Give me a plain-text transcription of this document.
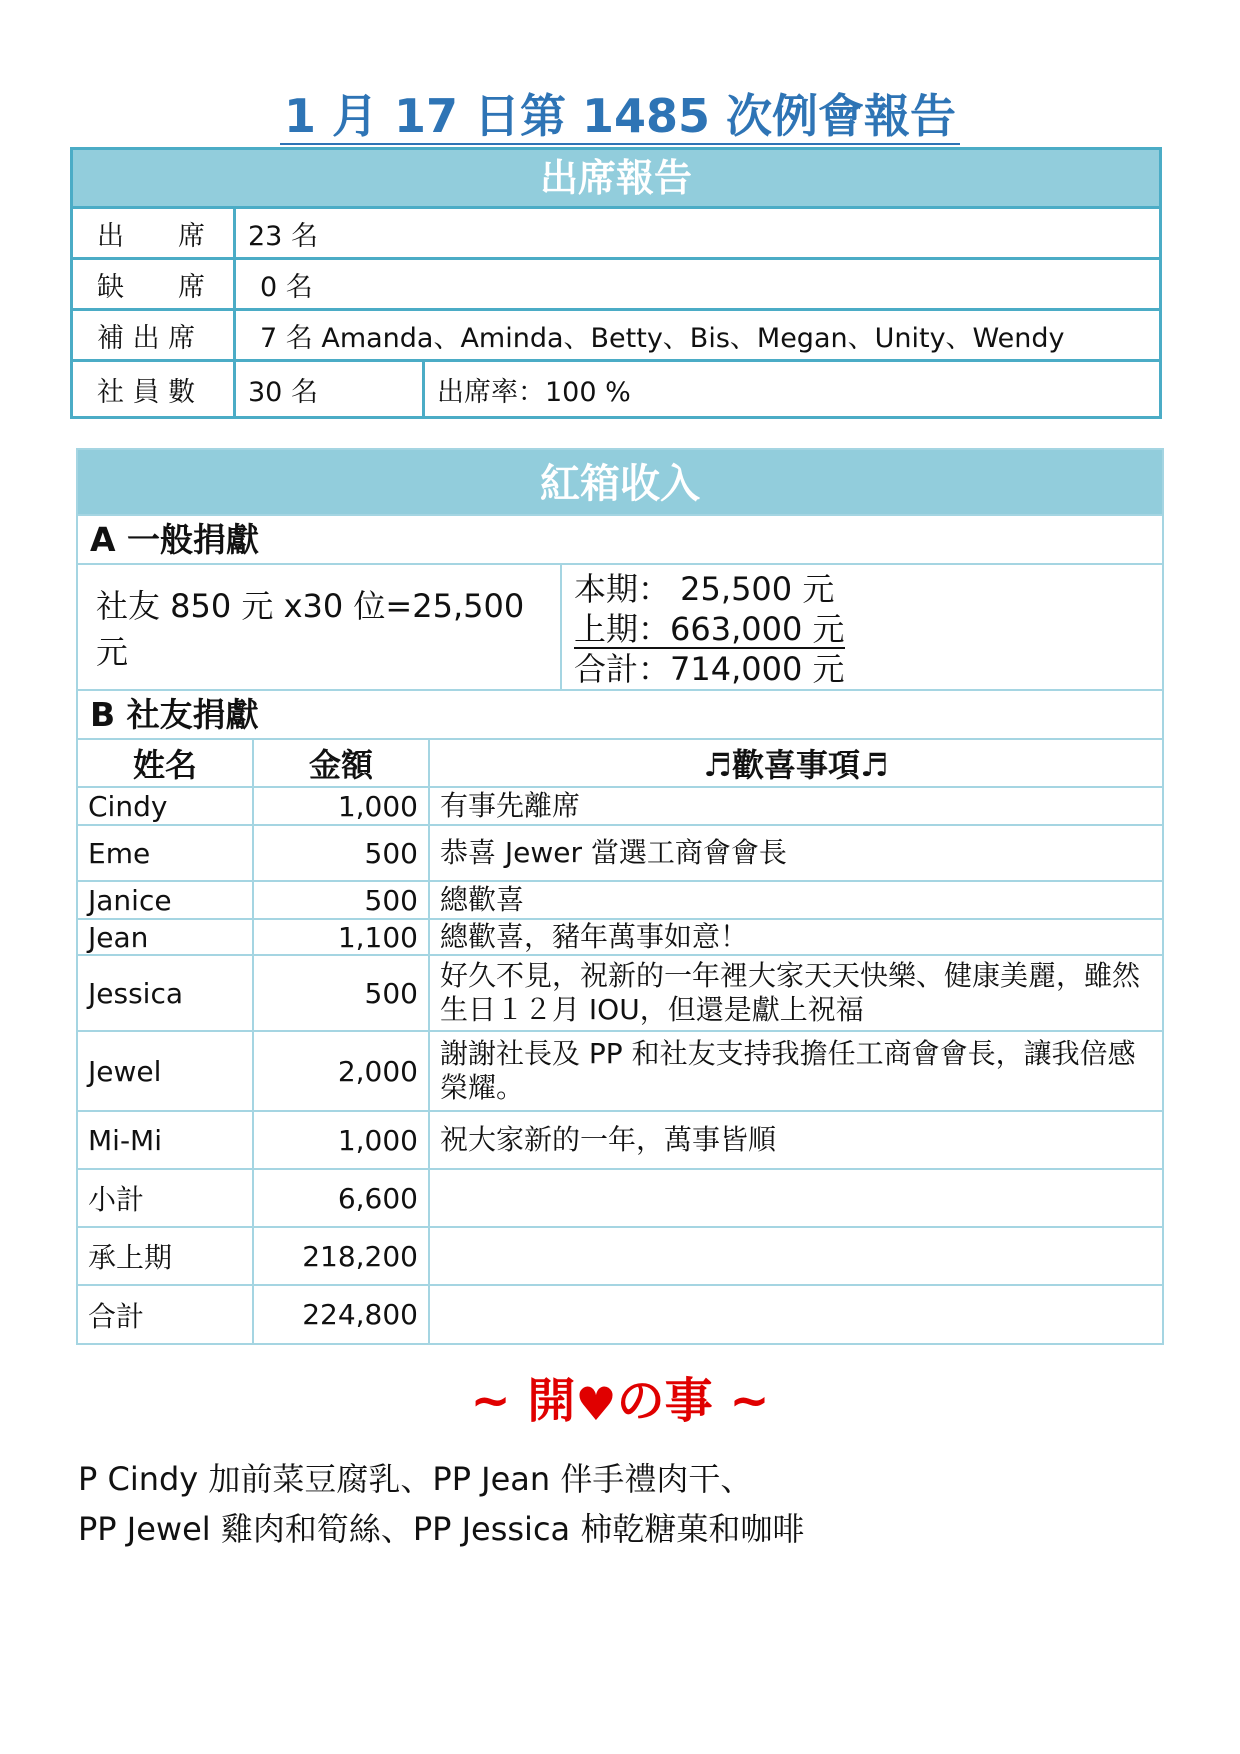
1 月 17 日第 1485 次例會報告
出席報告
出　　席	23 名
缺　　席	0 名
補 出 席	7 名 Amanda、Aminda、Betty、Bis、Megan、Unity、Wendy
社 員 數	30 名	出席率：100 %
紅箱收入
A 一般捐獻
社友 850 元 x30 位=25,500 元
本期： 25,500 元
上期：663,000 元
合計：714,000 元
B 社友捐獻
姓名	金額	♬歡喜事項♬
Cindy	1,000	有事先離席
Eme	500	恭喜 Jewer 當選工商會會長
Janice	500	總歡喜
Jean	1,100	總歡喜，豬年萬事如意！
Jessica	500	好久不見，祝新的一年裡大家天天快樂、健康美麗，雖然生日１２月 IOU，但還是獻上祝福
Jewel	2,000	謝謝社長及 PP 和社友支持我擔任工商會會長，讓我倍感榮耀。
Mi-Mi	1,000	祝大家新的一年，萬事皆順
小計	6,600	
承上期	218,200	
合計	224,800	
~ 開♥の事 ~
P Cindy 加前菜豆腐乳、PP Jean 伴手禮肉干、
PP Jewel 雞肉和筍絲、PP Jessica 柿乾糖菓和咖啡
